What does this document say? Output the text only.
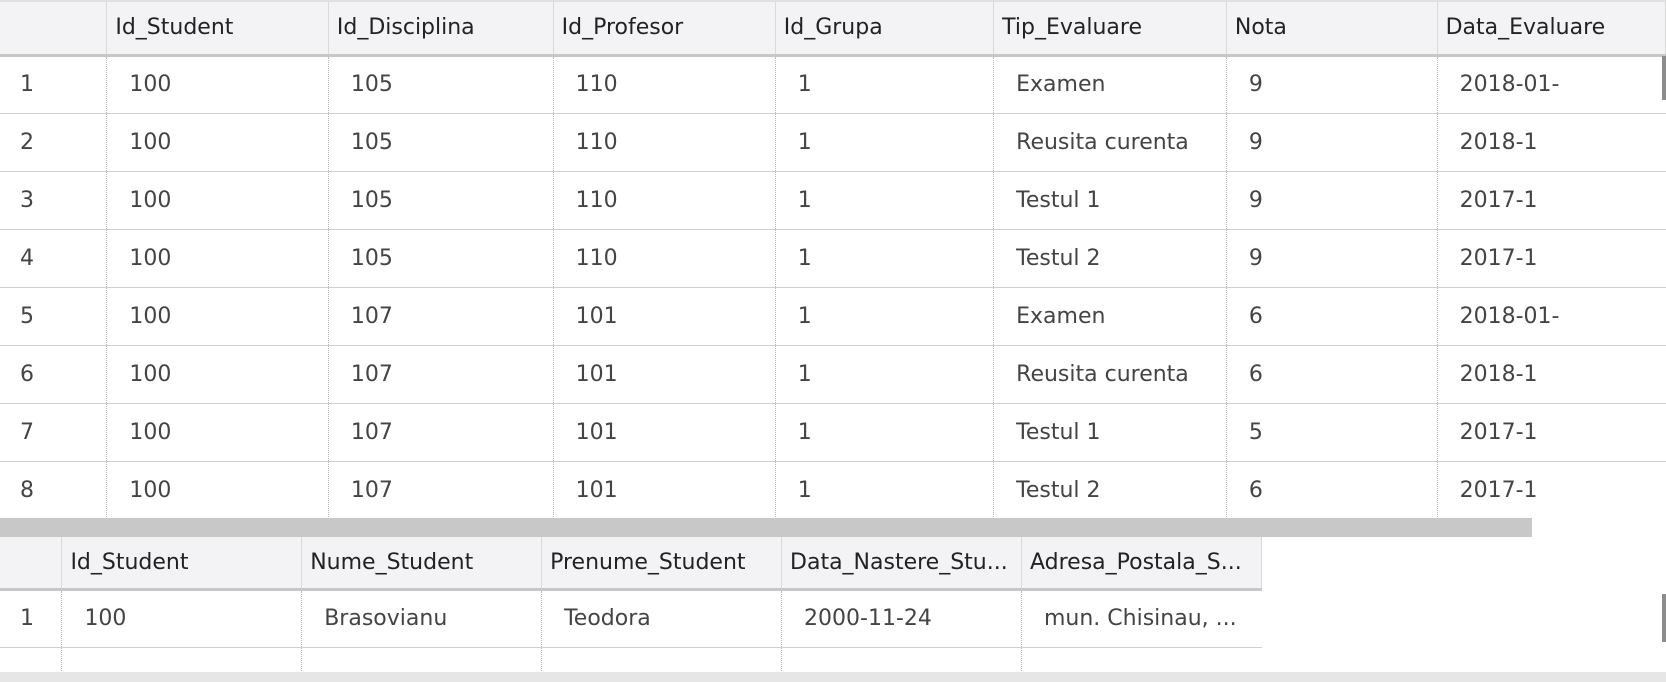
	Id_Student	Id_Disciplina	Id_Profesor	Id_Grupa	Tip_Evaluare	Nota	Data_Evaluare
1	100	105	110	1	Examen	9	2018-01-
2	100	105	110	1	Reusita curenta	9	2018-1
3	100	105	110	1	Testul 1	9	2017-1
4	100	105	110	1	Testul 2	9	2017-1
5	100	107	101	1	Examen	6	2018-01-
6	100	107	101	1	Reusita curenta	6	2018-1
7	100	107	101	1	Testul 1	5	2017-1
8	100	107	101	1	Testul 2	6	2017-1
	Id_Student	Nume_Student	Prenume_Student	Data_Nastere_Stu...	Adresa_Postala_S...
1	100	Brasovianu	Teodora	2000-11-24	mun. Chisinau, ...
